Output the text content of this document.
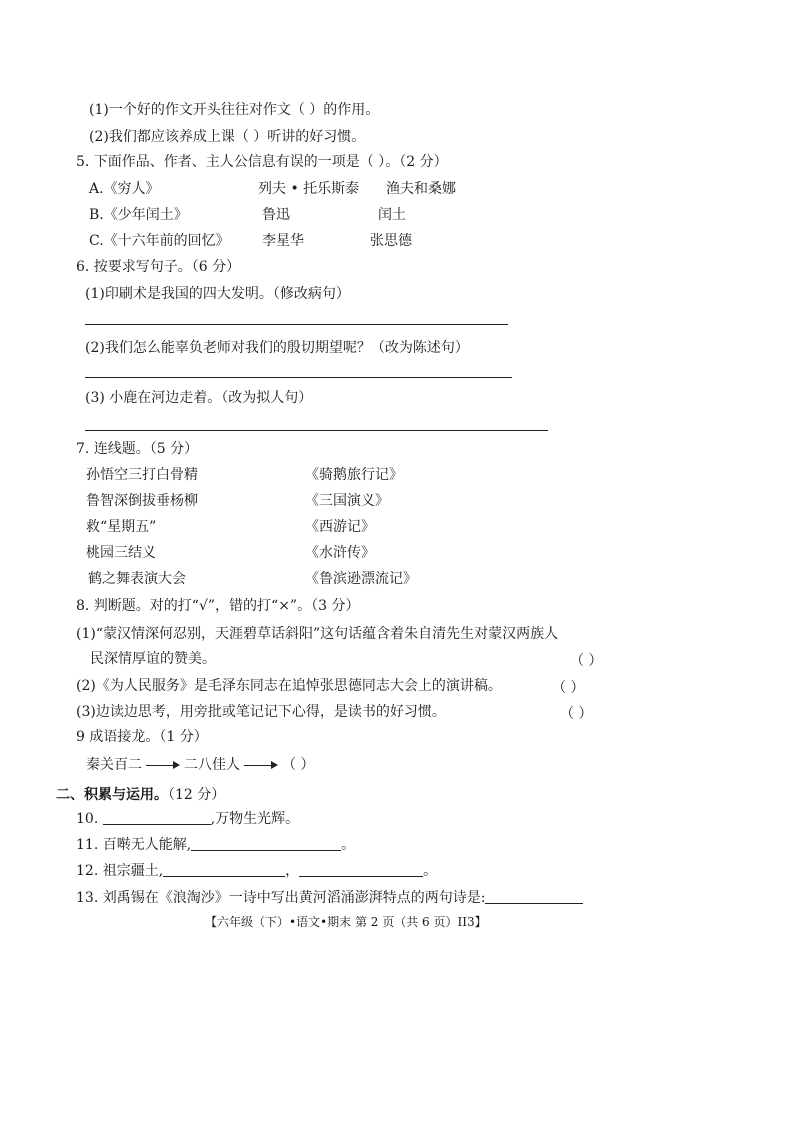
(1)一个好的作文开头往往对作文（ ）的作用。
(2)我们都应该养成上课（ ）听讲的好习惯。
5. 下面作品、作者、主人公信息有误的一项是（ ）。（2 分）
A.《穷人》	列夫 • 托乐斯泰 渔夫和桑娜
B.《少年闰土》	鲁迅	闰土
C.《十六年前的回忆》 李星华	张思德
6. 按要求写句子。（6 分）
(1)印刷术是我国的四大发明。（修改病句）
(2)我们怎么能辜负老师对我们的殷切期望呢？（改为陈述句）
(3) 小鹿在河边走着。（改为拟人句）
7. 连线题。（5 分）
孙悟空三打白骨精
鲁智深倒拔垂杨柳
救“星期五”
桃园三结义
鹤之舞表演大会
《骑鹅旅行记》
《三国演义》
《西游记》
《水浒传》
《鲁滨逊漂流记》
8. 判断题。对的打“√”，错的打“×”。（3 分）
(1)“蒙汉情深何忍别，天涯碧草话斜阳”这句话蕴含着朱自清先生对蒙汉两族人
民深情厚谊的赞美。	（ ）
(2)《为人民服务》是毛泽东同志在追悼张思德同志大会上的演讲稿。	（ ）
(3)边读边思考，用旁批或笔记记下心得，是读书的好习惯。	（ ）
9 成语接龙。（1 分）
秦关百二	二八佳人	（ ）
二、积累与运用。（12 分）
10.	,万物生光辉。
11. 百啭无人能解,	。
12. 祖宗疆土,	，	。
13. 刘禹锡在《浪淘沙》一诗中写出黄河滔涌澎湃特点的两句诗是:
【六年级（下）•语文•期末 第 2 页（共 6 页）II3】
